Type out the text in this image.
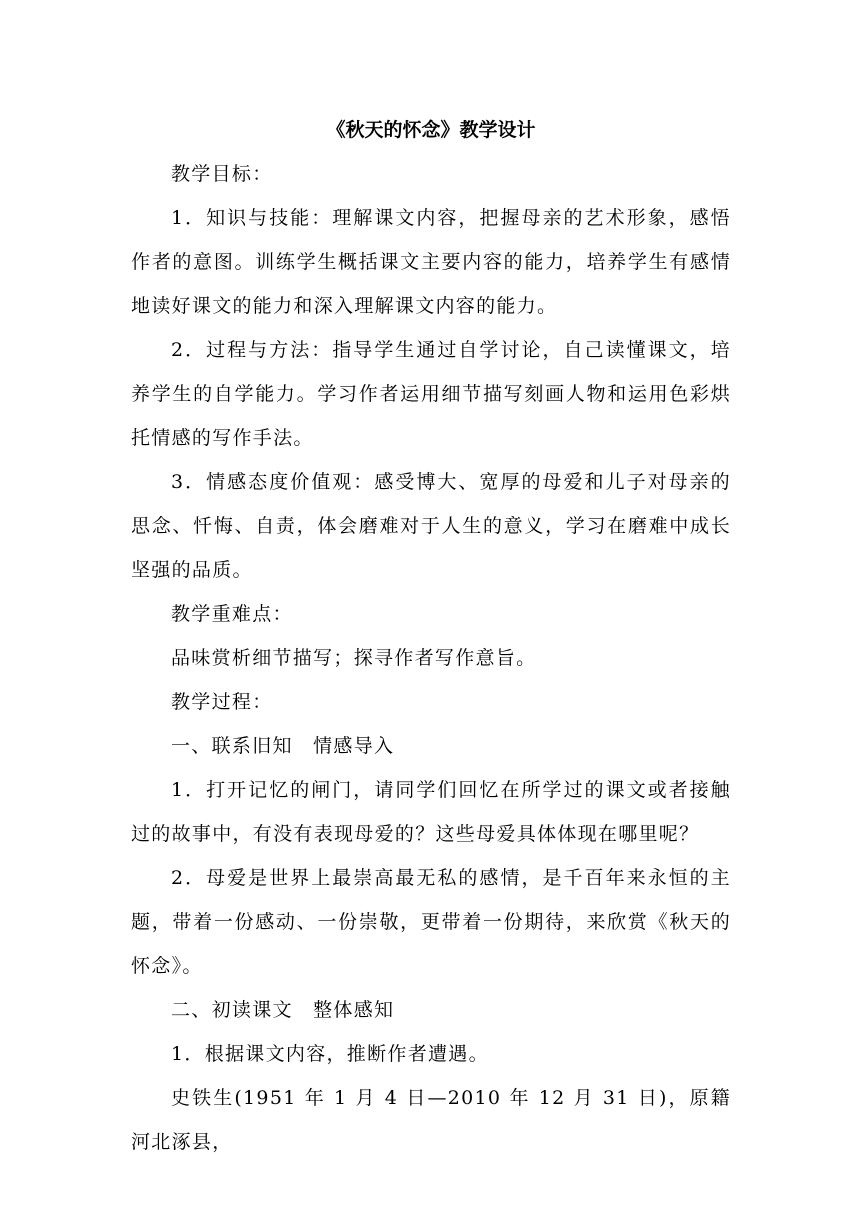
《秋天的怀念》教学设计

教学目标：

1．知识与技能：理解课文内容，把握母亲的艺术形象，感悟作者的意图。训练学生概括课文主要内容的能力，培养学生有感情地读好课文的能力和深入理解课文内容的能力。

2．过程与方法：指导学生通过自学讨论，自己读懂课文，培养学生的自学能力。学习作者运用细节描写刻画人物和运用色彩烘托情感的写作手法。

3．情感态度价值观：感受博大、宽厚的母爱和儿子对母亲的思念、忏悔、自责，体会磨难对于人生的意义，学习在磨难中成长坚强的品质。

教学重难点：

品味赏析细节描写；探寻作者写作意旨。

教学过程：

一、联系旧知　情感导入

1．打开记忆的闸门，请同学们回忆在所学过的课文或者接触过的故事中，有没有表现母爱的？这些母爱具体体现在哪里呢？

2．母爱是世界上最崇高最无私的感情，是千百年来永恒的主题，带着一份感动、一份崇敬，更带着一份期待，来欣赏《秋天的怀念》。

二、初读课文　整体感知

1．根据课文内容，推断作者遭遇。

史铁生(1951 年 1 月 4 日—2010 年 12 月 31 日)，原籍河北涿县，
